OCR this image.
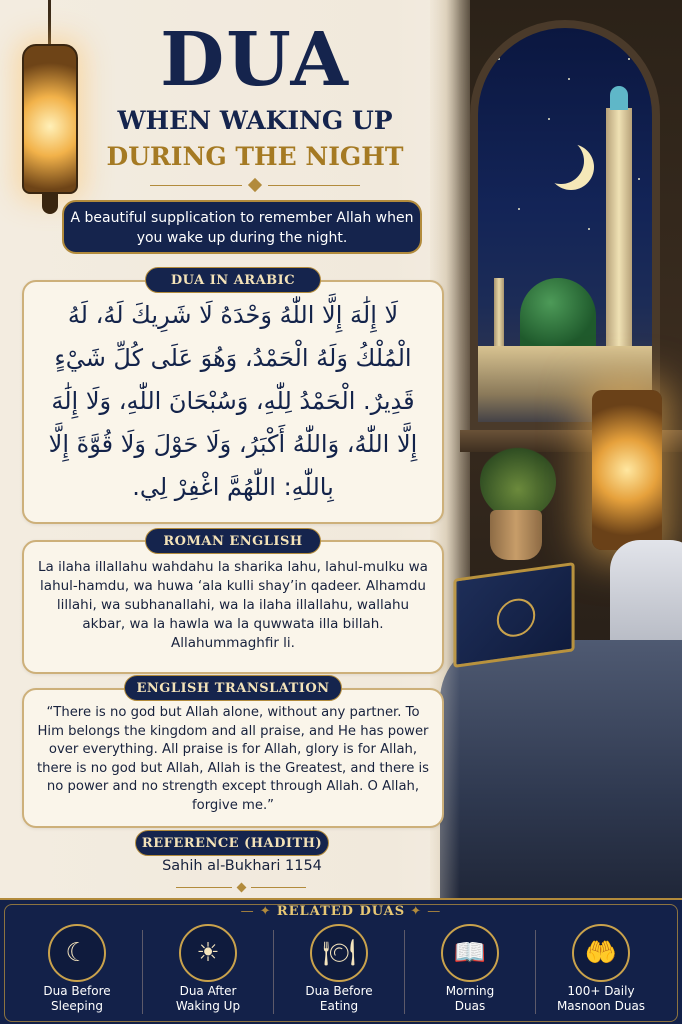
DUA
WHEN WAKING UP
DURING THE NIGHT
A beautiful supplication to remember Allah when you wake up during the night.
DUA IN ARABIC
لَا إِلَٰهَ إِلَّا اللّٰهُ وَحْدَهُ لَا شَرِيكَ لَهُ، لَهُ الْمُلْكُ وَلَهُ الْحَمْدُ، وَهُوَ عَلَى كُلِّ شَيْءٍ قَدِيرٌ. الْحَمْدُ لِلّٰهِ، وَسُبْحَانَ اللّٰهِ، وَلَا إِلَٰهَ إِلَّا اللّٰهُ، وَاللّٰهُ أَكْبَرُ، وَلَا حَوْلَ وَلَا قُوَّةَ إِلَّا بِاللّٰهِ: اللّٰهُمَّ اغْفِرْ لِي.
ROMAN ENGLISH
La ilaha illallahu wahdahu la sharika lahu, lahul-mulku wa lahul-hamdu, wa huwa ‘ala kulli shay’in qadeer. Alhamdu lillahi, wa subhanallahi, wa la ilaha illallahu, wallahu akbar, wa la hawla wa la quwwata illa billah. Allahummaghfir li.
ENGLISH TRANSLATION
“There is no god but Allah alone, without any partner. To Him belongs the kingdom and all praise, and He has power over everything. All praise is for Allah, glory is for Allah, there is no god but Allah, Allah is the Greatest, and there is no power and no strength except through Allah. O Allah, forgive me.”
REFERENCE (HADITH)
Sahih al-Bukhari 1154
— ✦ RELATED DUAS ✦ —
☾
Dua Before
Sleeping
☀
Dua After
Waking Up
🍽
Dua Before
Eating
📖
Morning
Duas
🤲
100+ Daily
Masnoon Duas
